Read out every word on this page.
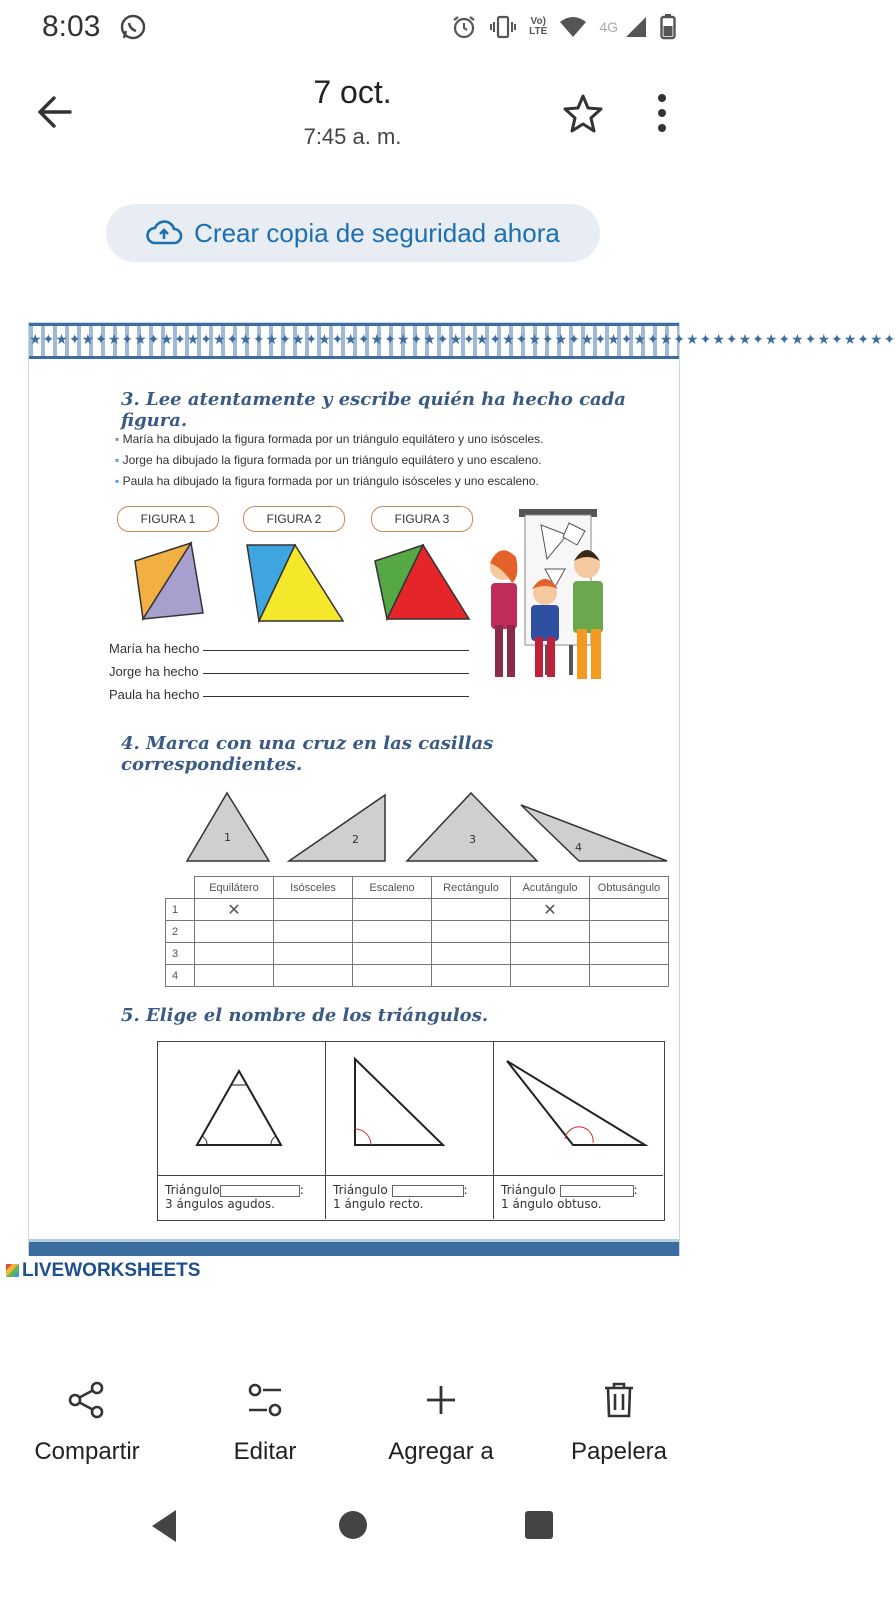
8:03	Vo)
LTE	4G
7 oct.
7:45 a. m.
Crear copia de seguridad ahora
★✦★✦★✦★✦★✦★✦★✦★✦★✦★✦★✦★✦★✦★✦★✦★✦★✦★✦★✦★✦★✦★✦★✦★✦★✦★✦★✦★✦★✦★✦★✦★✦★✦
3. Lee atentamente y escribe quién ha hecho cada figura.
▪ María ha dibujado la figura formada por un triángulo equilátero y uno isósceles.
▪ Jorge ha dibujado la figura formada por un triángulo equilátero y uno escaleno.
▪ Paula ha dibujado la figura formada por un triángulo isósceles y uno escaleno.
FIGURA 1	FIGURA 2	FIGURA 3
María ha hecho
Jorge ha hecho
Paula ha hecho
4. Marca con una cruz en las casillas correspondientes.
1	2	3
4
	Equilátero	Isósceles	Escaleno	Rectángulo	Acutángulo	Obtusángulo
1	✕				✕	
2						
3						
4						
5. Elige el nombre de los triángulos.
Triángulo	:
3 ángulos agudos.
Triángulo	:
1 ángulo recto.
Triángulo	:
1 ángulo obtuso.
LIVEWORKSHEETS
Compartir	Editar	Agregar a	Papelera
